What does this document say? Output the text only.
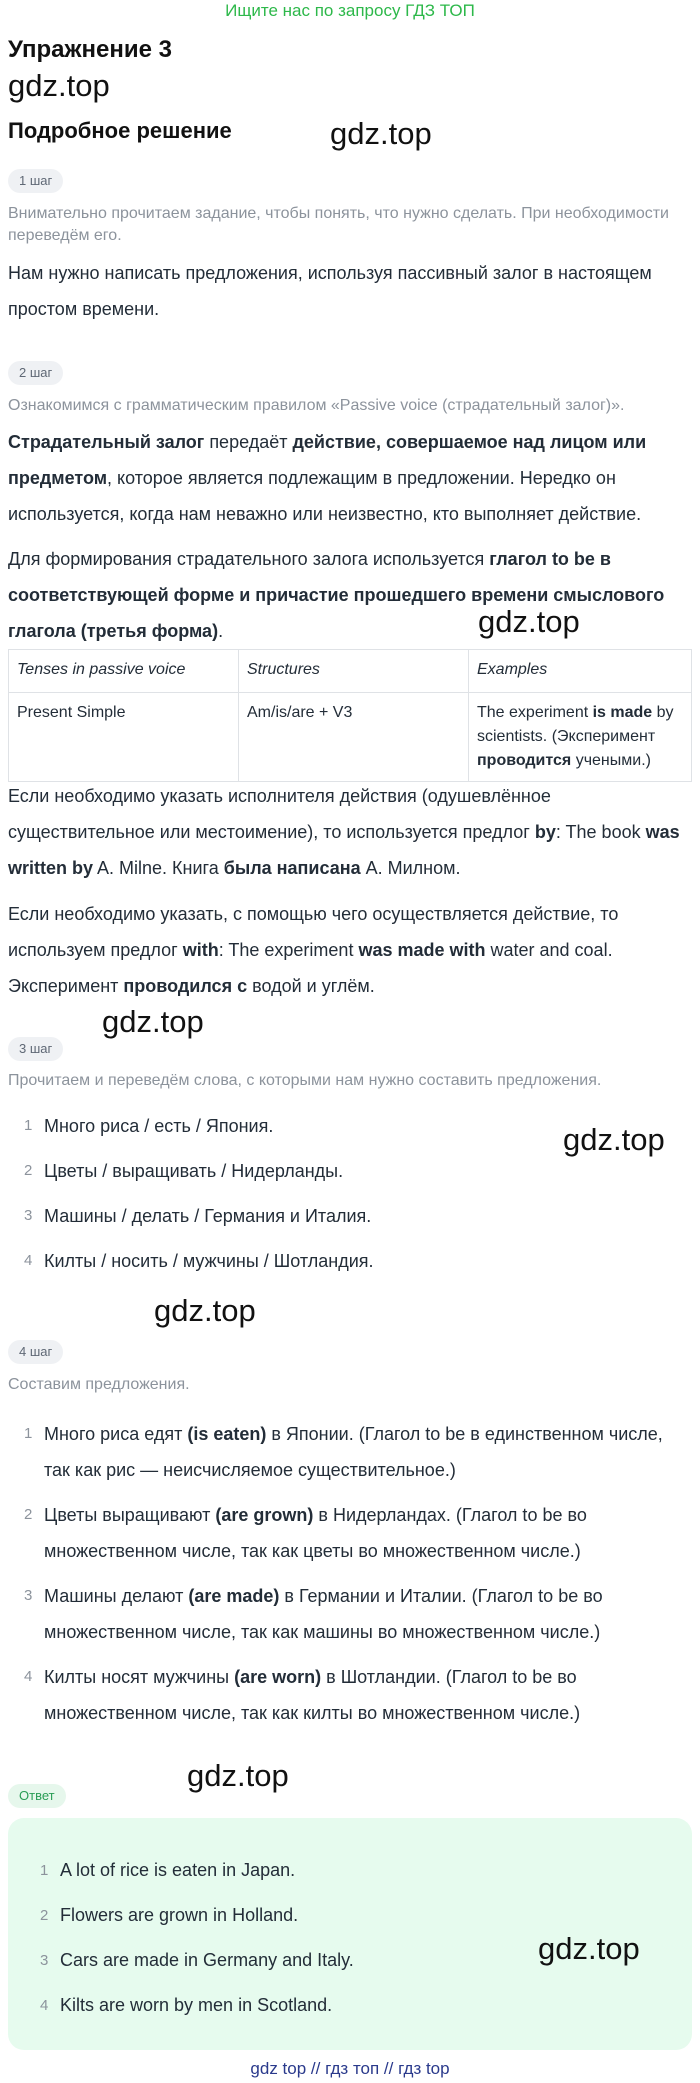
Ищите нас по запросу ГДЗ ТОП
Упражнение 3
gdz.top
Подробное решение	gdz.top
1 шаг
Внимательно прочитаем задание, чтобы понять, что нужно сделать. При необходимости переведём его.
Нам нужно написать предложения, используя пассивный залог в настоящем простом времени.
2 шаг
Ознакомимся с грамматическим правилом «Passive voice (страдательный залог)».
Страдательный залог передаёт действие, совершаемое над лицом или предметом, которое является подлежащим в предложении. Нередко он используется, когда нам неважно или неизвестно, кто выполняет действие.
Для формирования страдательного залога используется глагол to be в соответствующей форме и причастие прошедшего времени смыслового глагола (третья форма).	gdz.top
Tenses in passive voice	Structures	Examples
Present Simple	Am/is/are + V3	The experiment is made by scientists. (Эксперимент проводится учеными.)
Если необходимо указать исполнителя действия (одушевлённое существительное или местоимение), то используется предлог by: The book was written by A. Milne. Книга была написана А. Милном.
Если необходимо указать, с помощью чего осуществляется действие, то используем предлог with: The experiment was made with water and coal. Эксперимент проводился с водой и углём.
gdz.top
3 шаг
Прочитаем и переведём слова, с которыми нам нужно составить предложения.
1 Много риса / есть / Япония.
2 Цветы / выращивать / Нидерланды.
3 Машины / делать / Германия и Италия.
4 Килты / носить / мужчины / Шотландия.
gdz.top
gdz.top
4 шаг
Составим предложения.
1 Много риса едят (is eaten) в Японии. (Глагол to be в единственном числе, так как рис — неисчисляемое существительное.)
2 Цветы выращивают (are grown) в Нидерландах. (Глагол to be во множественном числе, так как цветы во множественном числе.)
3 Машины делают (are made) в Германии и Италии. (Глагол to be во множественном числе, так как машины во множественном числе.)
4 Килты носят мужчины (are worn) в Шотландии. (Глагол to be во множественном числе, так как килты во множественном числе.)
gdz.top
Ответ
1 A lot of rice is eaten in Japan.
2 Flowers are grown in Holland.
3 Cars are made in Germany and Italy.
4 Kilts are worn by men in Scotland.
gdz.top
gdz top // гдз топ // гдз top
